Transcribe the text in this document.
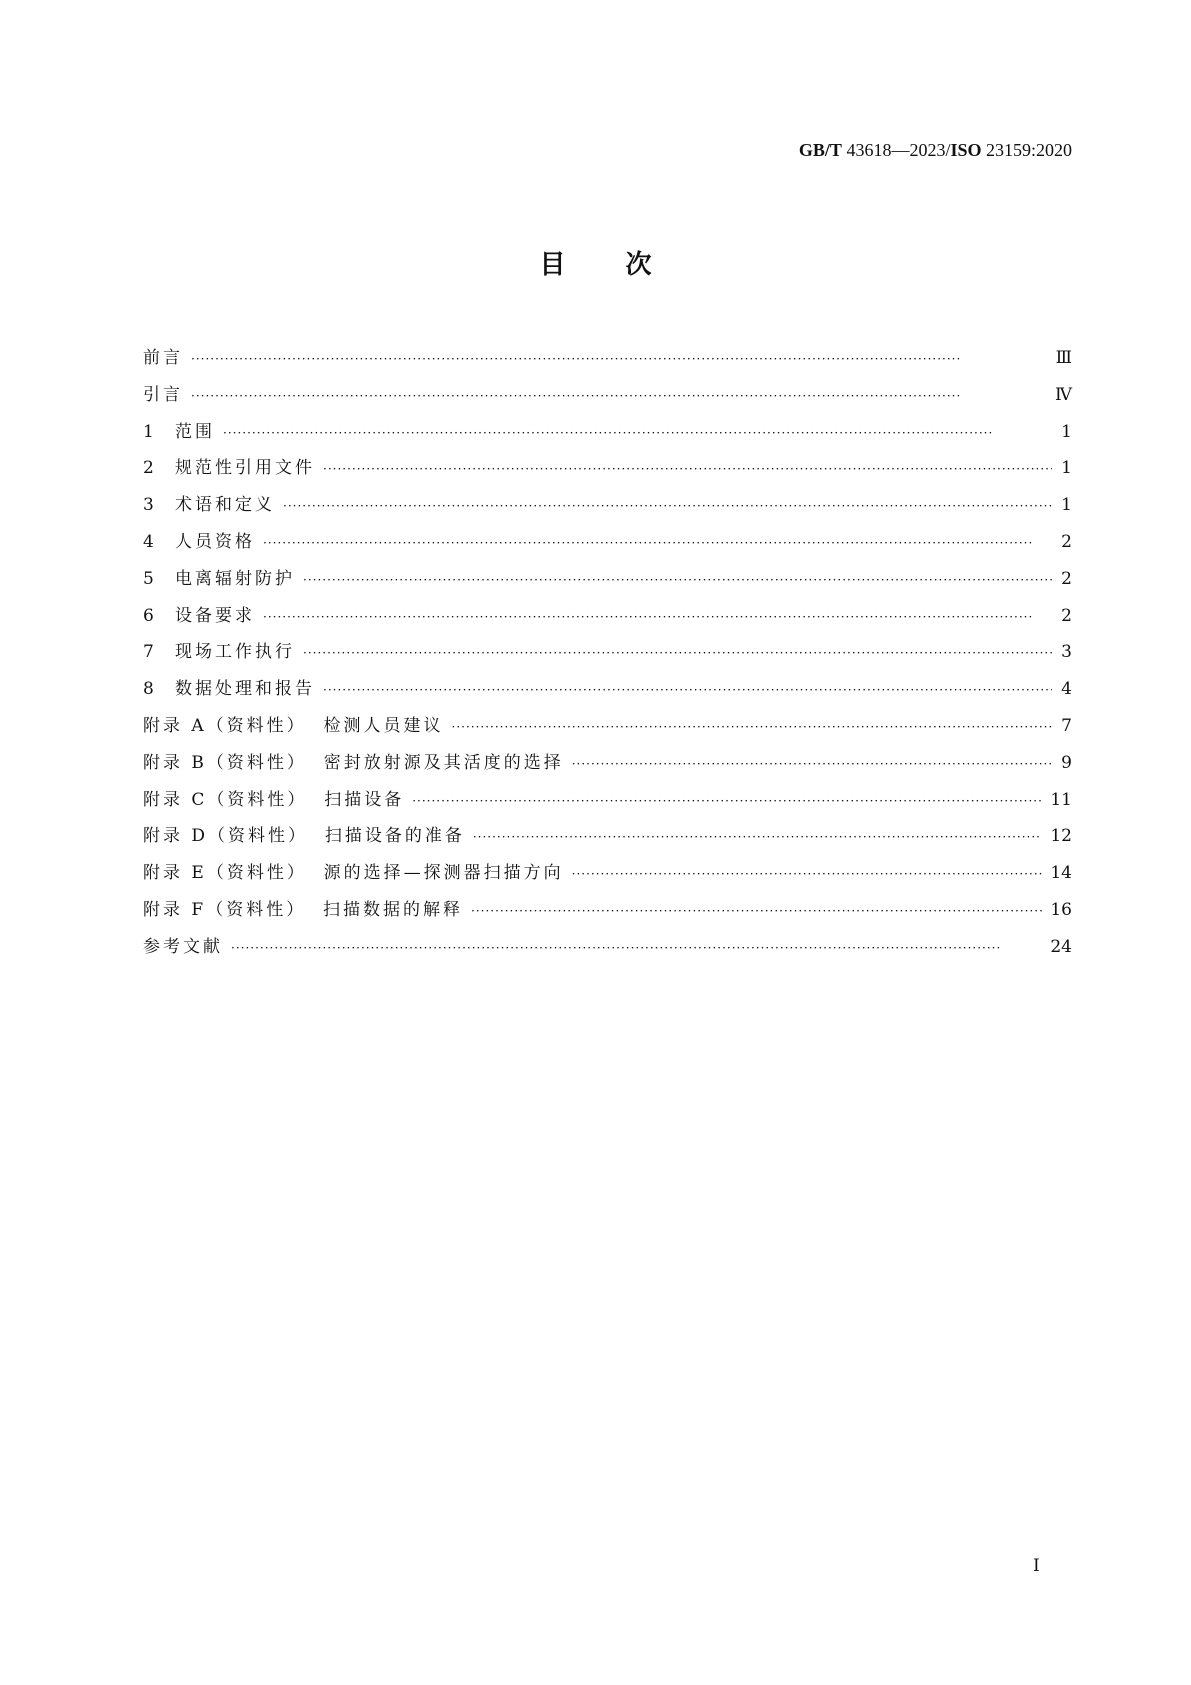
GB/T 43618—2023/ISO 23159:2020
目 次
前言 ·····	Ⅲ
引言 ·····	Ⅳ
1	范围 ·····	1
2	规范性引用文件 ·····	1
3	术语和定义 ·····	1
4	人员资格 ·····	2
5	电离辐射防护 ·····	2
6	设备要求 ·····	2
7	现场工作执行 ·····	3
8	数据处理和报告 ·····	4
附录 A（资料性）  检测人员建议 ·····	7
附录 B（资料性）  密封放射源及其活度的选择 ·····	9
附录 C（资料性）  扫描设备 ·····	11
附录 D（资料性）  扫描设备的准备 ·····	12
附录 E（资料性）  源的选择—探测器扫描方向 ·····	14
附录 F（资料性）  扫描数据的解释 ·····	16
参考文献 ·····	24
I
